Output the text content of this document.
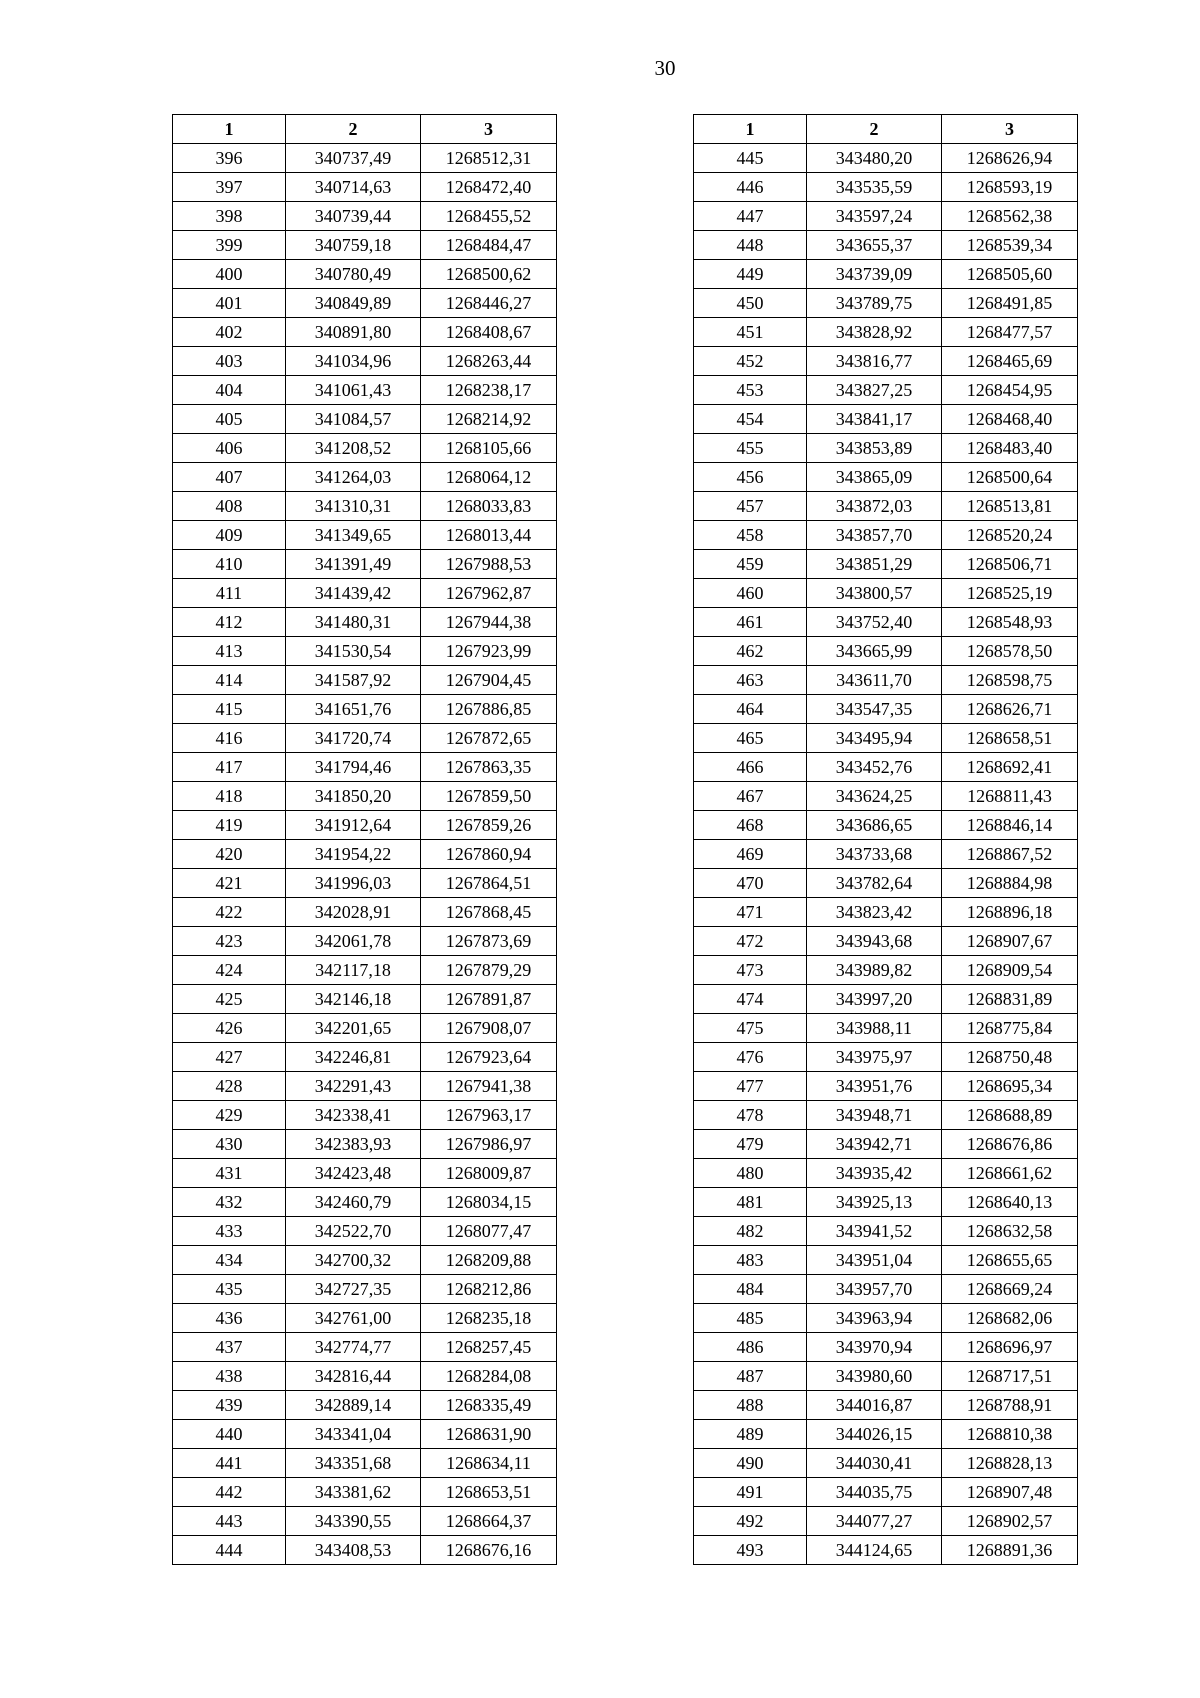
30
1	2	3
396	340737,49	1268512,31
397	340714,63	1268472,40
398	340739,44	1268455,52
399	340759,18	1268484,47
400	340780,49	1268500,62
401	340849,89	1268446,27
402	340891,80	1268408,67
403	341034,96	1268263,44
404	341061,43	1268238,17
405	341084,57	1268214,92
406	341208,52	1268105,66
407	341264,03	1268064,12
408	341310,31	1268033,83
409	341349,65	1268013,44
410	341391,49	1267988,53
411	341439,42	1267962,87
412	341480,31	1267944,38
413	341530,54	1267923,99
414	341587,92	1267904,45
415	341651,76	1267886,85
416	341720,74	1267872,65
417	341794,46	1267863,35
418	341850,20	1267859,50
419	341912,64	1267859,26
420	341954,22	1267860,94
421	341996,03	1267864,51
422	342028,91	1267868,45
423	342061,78	1267873,69
424	342117,18	1267879,29
425	342146,18	1267891,87
426	342201,65	1267908,07
427	342246,81	1267923,64
428	342291,43	1267941,38
429	342338,41	1267963,17
430	342383,93	1267986,97
431	342423,48	1268009,87
432	342460,79	1268034,15
433	342522,70	1268077,47
434	342700,32	1268209,88
435	342727,35	1268212,86
436	342761,00	1268235,18
437	342774,77	1268257,45
438	342816,44	1268284,08
439	342889,14	1268335,49
440	343341,04	1268631,90
441	343351,68	1268634,11
442	343381,62	1268653,51
443	343390,55	1268664,37
444	343408,53	1268676,16
1	2	3
445	343480,20	1268626,94
446	343535,59	1268593,19
447	343597,24	1268562,38
448	343655,37	1268539,34
449	343739,09	1268505,60
450	343789,75	1268491,85
451	343828,92	1268477,57
452	343816,77	1268465,69
453	343827,25	1268454,95
454	343841,17	1268468,40
455	343853,89	1268483,40
456	343865,09	1268500,64
457	343872,03	1268513,81
458	343857,70	1268520,24
459	343851,29	1268506,71
460	343800,57	1268525,19
461	343752,40	1268548,93
462	343665,99	1268578,50
463	343611,70	1268598,75
464	343547,35	1268626,71
465	343495,94	1268658,51
466	343452,76	1268692,41
467	343624,25	1268811,43
468	343686,65	1268846,14
469	343733,68	1268867,52
470	343782,64	1268884,98
471	343823,42	1268896,18
472	343943,68	1268907,67
473	343989,82	1268909,54
474	343997,20	1268831,89
475	343988,11	1268775,84
476	343975,97	1268750,48
477	343951,76	1268695,34
478	343948,71	1268688,89
479	343942,71	1268676,86
480	343935,42	1268661,62
481	343925,13	1268640,13
482	343941,52	1268632,58
483	343951,04	1268655,65
484	343957,70	1268669,24
485	343963,94	1268682,06
486	343970,94	1268696,97
487	343980,60	1268717,51
488	344016,87	1268788,91
489	344026,15	1268810,38
490	344030,41	1268828,13
491	344035,75	1268907,48
492	344077,27	1268902,57
493	344124,65	1268891,36
